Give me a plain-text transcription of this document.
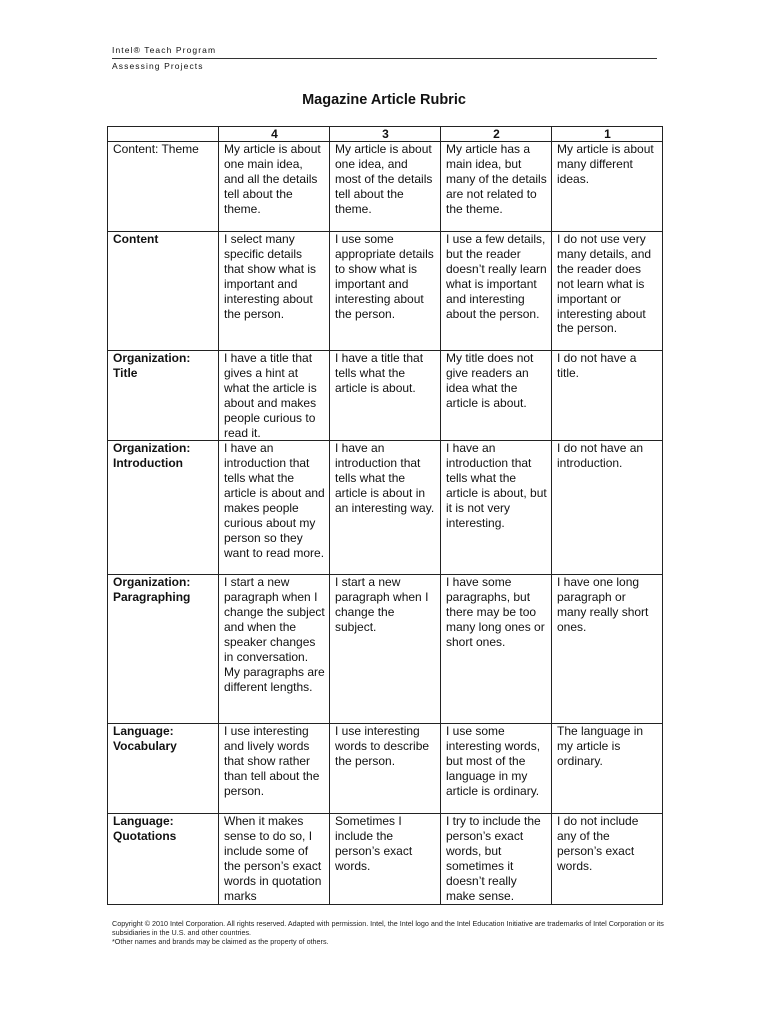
Intel® Teach Program

Assessing Projects

Magazine Article Rubric
	4	3	2	1
Content: Theme	My article is about one main idea, and all the details tell about the theme.	My article is about one idea, and most of the details tell about the theme.	My article has a main idea, but many of the details are not related to the theme.	My article is about many different ideas.
Content	I select many specific details that show what is important and interesting about the person.	I use some appropriate details to show what is important and interesting about the person.	I use a few details, but the reader doesn’t really learn what is important and interesting about the person.	I do not use very many details, and the reader does not learn what is important or interesting about the person.
Organization: Title	I have a title that gives a hint at what the article is about and makes people curious to read it.	I have a title that tells what the article is about.	My title does not give readers an idea what the article is about.	I do not have a title.
Organization: Introduction	I have an introduction that tells what the article is about and makes people curious about my person so they want to read more.	I have an introduction that tells what the article is about in an interesting way.	I have an introduction that tells what the article is about, but it is not very interesting.	I do not have an introduction.
Organization: Paragraphing	I start a new paragraph when I change the subject and when the speaker changes in conversation. My paragraphs are different lengths.	I start a new paragraph when I change the subject.	I have some paragraphs, but there may be too many long ones or short ones.	I have one long paragraph or many really short ones.
Language: Vocabulary	I use interesting and lively words that show rather than tell about the person.	I use interesting words to describe the person.	I use some interesting words, but most of the language in my article is ordinary.	The language in my article is ordinary.
Language: Quotations	When it makes sense to do so, I include some of the person’s exact words in quotation marks	Sometimes I include the person’s exact words.	I try to include the person’s exact words, but sometimes it doesn’t really make sense.	I do not include any of the person’s exact words.

Copyright © 2010 Intel Corporation. All rights reserved. Adapted with permission. Intel, the Intel logo and the Intel Education Initiative are trademarks of Intel Corporation or its subsidiaries in the U.S. and other countries.

*Other names and brands may be claimed as the property of others.
